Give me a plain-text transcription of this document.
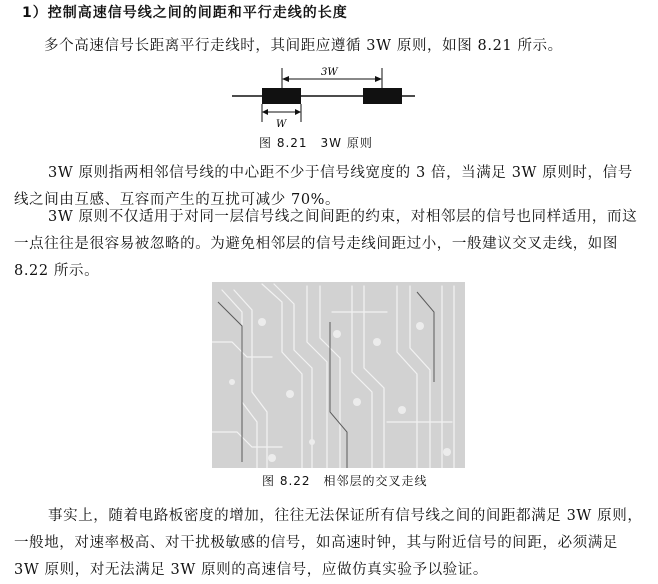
1）控制高速信号线之间的间距和平行走线的长度
多个高速信号长距离平行走线时，其间距应遵循 3W 原则，如图 8.21 所示。
3W
W
图 8.21　3W 原则
3W 原则指两相邻信号线的中心距不少于信号线宽度的 3 倍，当满足 3W 原则时，信号线之间由互感、互容而产生的互扰可减少 70%。
3W 原则不仅适用于对同一层信号线之间间距的约束，对相邻层的信号也同样适用，而这一点往往是很容易被忽略的。为避免相邻层的信号走线间距过小，一般建议交叉走线，如图 8.22 所示。
图 8.22　相邻层的交叉走线
事实上，随着电路板密度的增加，往往无法保证所有信号线之间的间距都满足 3W 原则，一般地，对速率极高、对干扰极敏感的信号，如高速时钟，其与附近信号的间距，必须满足 3W 原则，对无法满足 3W 原则的高速信号，应做仿真实验予以验证。
